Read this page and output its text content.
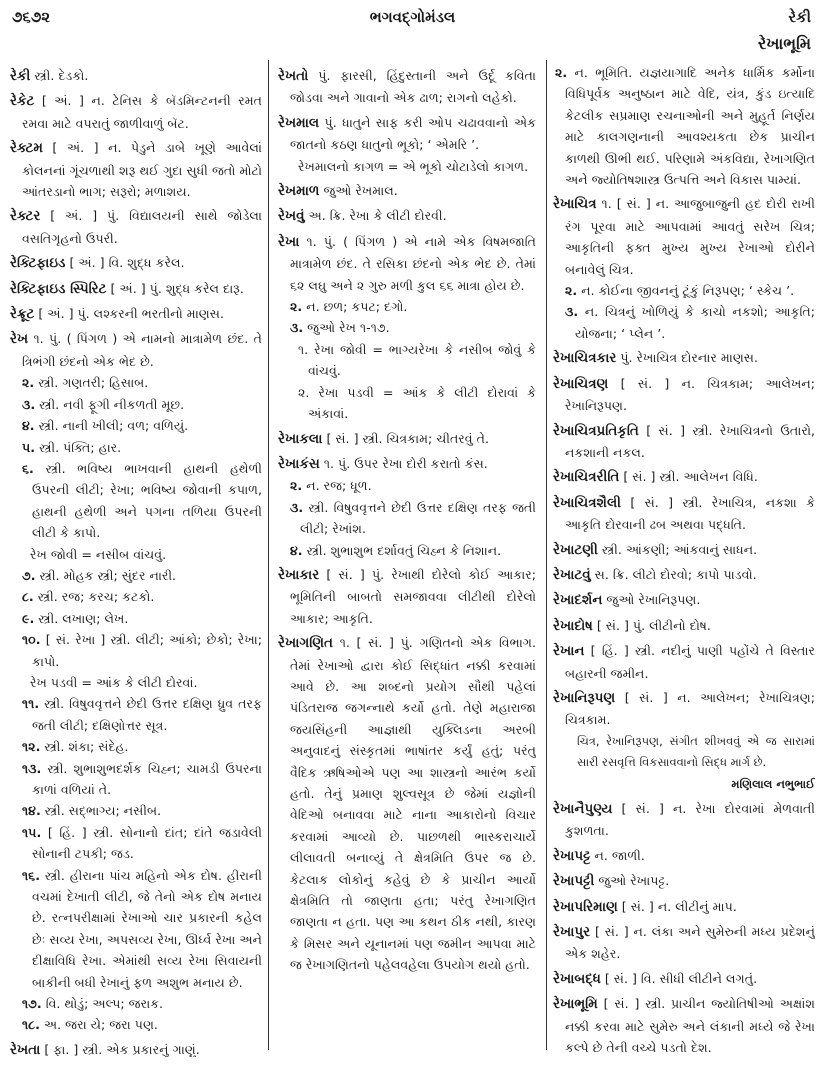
૭૬૭૨	ભગવદ્ગોમંડલ	રેકી
રેખાભૂમિ
રેકી સ્ત્રી. દેડકો.
રેકેટ [ અં. ] ન. ટેનિસ કે બૅડમિન્ટનની રમત રમવા માટે વપરાતું જાળીવાળું બૅટ.
રેક્ટમ [ અં. ] ન. પેડુને ડાબે ખૂણે આવેલાં કોલનનાં ગૂંચળાથી શરૂ થઈ ગુદા સુધી જતો મોટો આંતરડાનો ભાગ; સરૂરો; મળાશય.
રેક્ટર [ અં. ] પું. વિદ્યાલયની સાથે જોડેલા વસતિગૃહનો ઉપરી.
રેક્ટિફાઇડ [ અં. ] વિ. શુદ્ધ કરેલ.
રેક્ટિફાઇડ સ્પિરિટ [ અં. ] પું. શુદ્ધ કરેલ દારૂ.
રેક્રૂટ [ અં. ] પું. લશ્કરની ભરતીનો માણસ.
રેખ ૧. પું. ( પિંગળ ) એ નામનો માત્રામેળ છંદ. તે ત્રિભંગી છંદનો એક ભેદ છે.
૨. સ્ત્રી. ગણતરી; હિસાબ.
૩. સ્ત્રી. નવી ફૂગી નીકળતી મૂછ.
૪. સ્ત્રી. નાની ખીલી; વળ; વળિયું.
૫. સ્ત્રી. પંક્તિ; હાર.
૬. સ્ત્રી. ભવિષ્ય ભાખવાની હાથની હથેળી ઉપરની લીટી; રેખા; ભવિષ્ય જોવાની કપાળ, હાથની હથેળી અને પગના તળિયા ઉપરની લીટી કે કાપો.
રેખ જોવી = નસીબ વાંચવું.
૭. સ્ત્રી. મોહક સ્ત્રી; સુંદર નારી.
૮. સ્ત્રી. રજ; કરચ; કટકો.
૯. સ્ત્રી. લખાણ; લેખ.
૧૦. [ સં. રેખા ] સ્ત્રી. લીટી; આંકો; છેકો; રેખા; કાપો.
રેખ પડવી = આંક કે લીટી દોરવાં.
૧૧. સ્ત્રી. વિષુવવૃત્તને છેદી ઉત્તર દક્ષિણ ધ્રુવ તરફ જતી લીટી; દક્ષિણોત્તર સૂત્ર.
૧૨. સ્ત્રી. શંકા; સંદેહ.
૧૩. સ્ત્રી. શુભાશુભદર્શક ચિહ્ન; ચામડી ઉપરના કાળાં વળિયાં તે.
૧૪. સ્ત્રી. સદ્ભાગ્ય; નસીબ.
૧૫. [ હિં. ] સ્ત્રી. સોનાનો દાંત; દાંતે જડાવેલી સોનાની ટપકી; જડ.
૧૬. સ્ત્રી. હીરાના પાંચ મહિનો એક દોષ. હીરાની વચમાં દેખાતી લીટી, જે તેનો એક દોષ મનાય છે. રત્નપરીક્ષામાં રેખાઓ ચાર પ્રકારની કહેલ છેઃ સવ્ય રેખા, અપસવ્ય રેખા, ઊર્ધ્વ રેખા અને દીક્ષાવિધિ રેખા. એમાંથી સવ્ય રેખા સિવાયની બાકીની બધી રેખાનું ફળ અશુભ મનાય છે.
૧૭. વિ. થોડું; અલ્પ; જરાક.
૧૮. અ. જરા યે; જરા પણ.
રેખતા [ ફા. ] સ્ત્રી. એક પ્રકારનું ગાણું.
રેખતો પું. ફારસી, હિંદુસ્તાની અને ઉર્દૂ કવિતા જોડવા અને ગાવાનો એક ઢાળ; રાગનો લહેકો.
રેખમાલ પું. ધાતુને સાફ કરી ઓપ ચઢાવવાનો એક જાતનો કઠણ ધાતુનો ભૂકો; ‘ એમરિ ’.
રેખમાલનો કાગળ = એ ભૂકો ચોટાડેલો કાગળ.
રેખમાળ જુઓ રેખમાલ.
રેખવું અ. ક્રિ. રેખા કે લીટી દોરવી.
રેખા ૧. પું. ( પિંગળ ) એ નામે એક વિષમજાતિ માત્રામેળ છંદ. તે રસિકા છંદનો એક ભેદ છે. તેમાં ૬૨ લઘુ અને ૨ ગુરુ મળી કુલ ૬૬ માત્રા હોય છે.
૨. ન. છળ; કપટ; દગો.
૩. જુઓ રેખ ૧-૧૭.
૧. રેખા જોવી = ભાગ્યરેખા કે નસીબ જોવું કે વાંચવું.
૨. રેખા પડવી = આંક કે લીટી દોરાવાં કે અંકાવાં.
રેખાકલા [ સં. ] સ્ત્રી. ચિત્રકામ; ચીતરવું તે.
રેખાકંસ ૧. પું. ઉપર રેખા દોરી કરાતો કંસ.
૨. ન. રજ; ધૂળ.
૩. સ્ત્રી. વિષુવવૃત્તને છેદી ઉત્તર દક્ષિણ તરફ જતી લીટી; રેખાંશ.
૪. સ્ત્રી. શુભાશુભ દર્શાવતું ચિહ્ન કે નિશાન.
રેખાકાર [ સં. ] પું. રેખાથી દોરેલો કોઈ આકાર; ભૂમિતિની બાબતો સમજાવવા લીટીથી દોરેલો આકાર; આકૃતિ.
રેખાગણિત ૧. [ સં. ] પું. ગણિતનો એક વિભાગ. તેમાં રેખાઓ દ્વારા કોઈ સિદ્ધાંત નક્કી કરવામાં આવે છે. આ શબ્દનો પ્રયોગ સૌથી પહેલાં પંડિતરાજ જગન્નાથે કર્યો હતો. તેણે મહારાજા જયસિંહની આજ્ઞાથી યુક્લિડના અરબી અનુવાદનું સંસ્કૃતમાં ભાષાંતર કર્યું હતું; પરંતુ વૈદિક ઋષિઓએ પણ આ શાસ્ત્રનો આરંભ કર્યો હતો. તેનું પ્રમાણ શુલ્વસૂત્ર છે જેમાં યજ્ઞોની વેદિઓ બનાવવા માટે નાના આકારોનો વિચાર કરવામાં આવ્યો છે. પાછળથી ભાસ્કરાચાર્યે લીલાવતી બનાવ્યું તે ક્ષેત્રમિતિ ઉપર જ છે. કેટલાક લોકોનું કહેવું છે કે પ્રાચીન આર્યો ક્ષેત્રમિતિ તો જાણતા હતા; પરંતુ રેખાગણિત જાણતા ન હતા. પણ આ કથન ઠીક નથી, કારણ કે મિસર અને યૂનાનમાં પણ જમીન આપવા માટે જ રેખાગણિતનો પહેલવહેલા ઉપયોગ થયો હતો.
૨. ન. ભૂમિતિ. યજ્ઞયાગાદિ અનેક ધાર્મિક કર્મોના વિધિપૂર્વક અનુષ્ઠાન માટે વેદિ, યંત્ર, કુંડ ઇત્યાદિ કેટલીક સપ્રમાણ રચનાઓની અને મુહૂર્ત નિર્ણય માટે કાલગણનાની આવશ્યકતા છેક પ્રાચીન કાળથી ઊભી થઈ. પરિણામે અંકવિદ્યા, રેખાગણિત અને જ્યોતિષશાસ્ત્ર ઉત્પત્તિ અને વિકાસ પામ્યાં.
રેખાચિત્ર ૧. [ સં. ] ન. આજુબાજુની હદ દોરી રાખી રંગ પૂરવા માટે આપવામાં આવતું સરેખ ચિત્ર; આકૃતિની ફક્ત મુખ્ય મુખ્ય રેખાઓ દોરીને બનાવેલું ચિત્ર.
૨. ન. કોઈના જીવનનું ટૂંકું નિરૂપણ; ‘ સ્કેચ ’.
૩. ન. ચિત્રનું ખોળિયું કે કાચો નકશો; આકૃતિ; યોજના; ‘ પ્લેન ’.
રેખાચિત્રકાર પું. રેખાચિત્ર દોરનાર માણસ.
રેખાચિત્રણ [ સં. ] ન. ચિત્રકામ; આલેખન; રેખાનિરૂપણ.
રેખાચિત્રપ્રતિકૃતિ [ સં. ] સ્ત્રી. રેખાચિત્રનો ઉતારો, નકશાની નકલ.
રેખાચિત્રરીતિ [ સં. ] સ્ત્રી. આલેખન વિધિ.
રેખાચિત્રશૈલી [ સં. ] સ્ત્રી. રેખાચિત્ર, નકશા કે આકૃતિ દોરવાની ઢબ અથવા પદ્ધતિ.
રેખાટણી સ્ત્રી. આંકણી; આંકવાનું સાધન.
રેખાટવું સ. ક્રિ. લીટો દોરવો; કાપો પાડવો.
રેખાદર્શન જુઓ રેખાનિરૂપણ.
રેખાદોષ [ સં. ] પું. લીટીનો દોષ.
રેખાન [ હિં. ] સ્ત્રી. નદીનું પાણી પહોંચે તે વિસ્તાર બહારની જમીન.
રેખાનિરૂપણ [ સં. ] ન. આલેખન; રેખાચિત્રણ; ચિત્રકામ.
ચિત્ર, રેખાનિરૂપણ, સંગીત શીખવવું એ જ સારામાં સારી રસવૃત્તિ વિકસાવવાનો સિદ્ધ માર્ગ છે.
મણિલાલ નભુભાઈ
રેખાનૈપુણ્ય [ સં. ] ન. રેખા દોરવામાં મેળવાતી કુશળતા.
રેખાપટ્ટ ન. જાળી.
રેખાપટ્ટી જુઓ રેખાપટ્ટ.
રેખાપરિમાણ [ સં. ] ન. લીટીનું માપ.
રેખાપુર [ સં. ] ન. લંકા અને સુમેરુની મધ્ય પ્રદેશનું એક શહેર.
રેખાબદ્ધ [ સં. ] વિ. સીધી લીટીને લગતું.
રેખાભૂમિ [ સં. ] સ્ત્રી. પ્રાચીન જ્યોતિષીઓ અક્ષાંશ નક્કી કરવા માટે સુમેરુ અને લંકાની મધ્યે જે રેખા કલ્પે છે તેની વચ્ચે પડતો દેશ.
